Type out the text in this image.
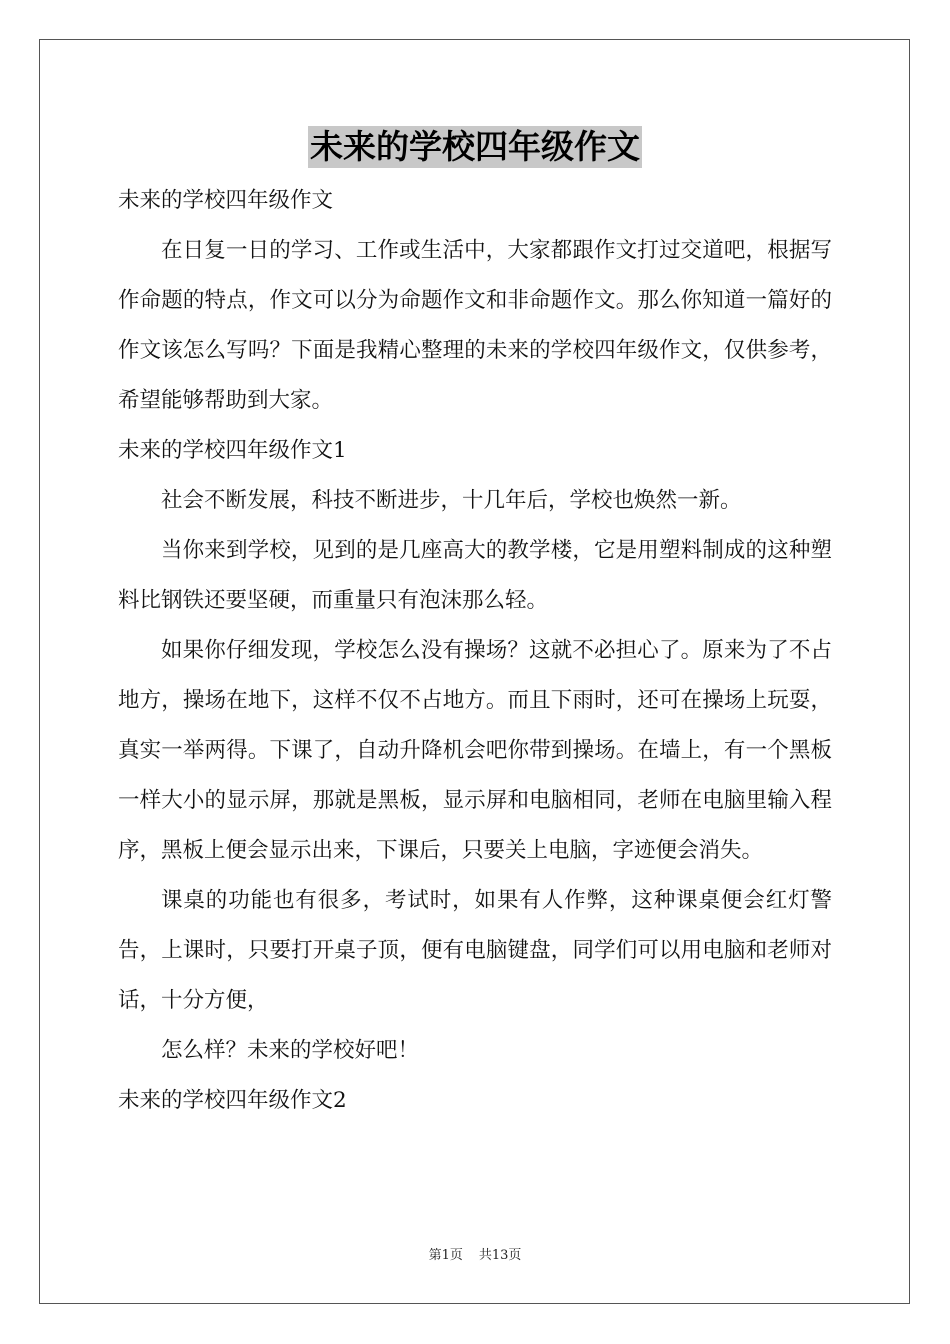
未来的学校四年级作文

未来的学校四年级作文

在日复一日的学习、工作或生活中，大家都跟作文打过交道吧，根据写作命题的特点，作文可以分为命题作文和非命题作文。那么你知道一篇好的作文该怎么写吗？下面是我精心整理的未来的学校四年级作文，仅供参考，希望能够帮助到大家。

未来的学校四年级作文1

社会不断发展，科技不断进步，十几年后，学校也焕然一新。

当你来到学校，见到的是几座高大的教学楼，它是用塑料制成的这种塑料比钢铁还要坚硬，而重量只有泡沫那么轻。

如果你仔细发现，学校怎么没有操场？这就不必担心了。原来为了不占地方，操场在地下，这样不仅不占地方。而且下雨时，还可在操场上玩耍，真实一举两得。下课了，自动升降机会吧你带到操场。在墙上，有一个黑板一样大小的显示屏，那就是黑板，显示屏和电脑相同，老师在电脑里输入程序，黑板上便会显示出来，下课后，只要关上电脑，字迹便会消失。

课桌的功能也有很多，考试时，如果有人作弊，这种课桌便会红灯警告，上课时，只要打开桌子顶，便有电脑键盘，同学们可以用电脑和老师对话，十分方便，

怎么样？未来的学校好吧！

未来的学校四年级作文2

第1页 共13页
